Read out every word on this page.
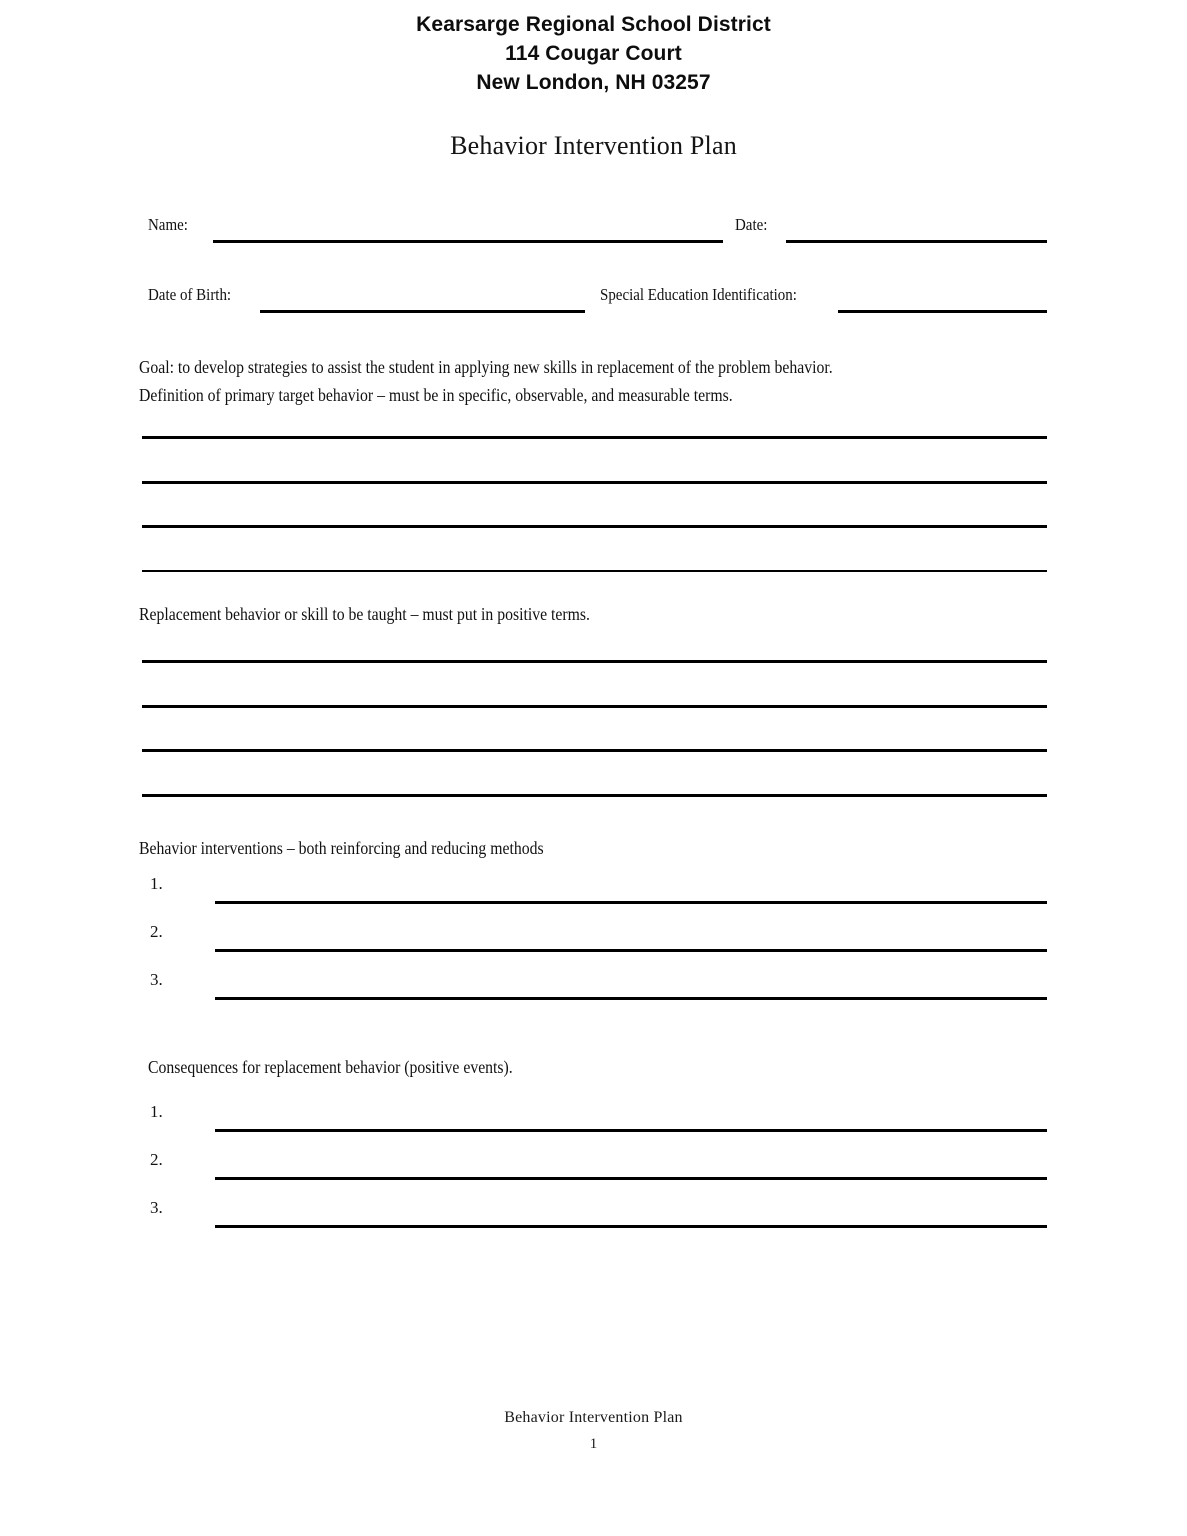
Kearsarge Regional School District
114 Cougar Court
New London, NH 03257
Behavior Intervention Plan
Name:	Date:
Date of Birth:	Special Education Identification:
Goal: to develop strategies to assist the student in applying new skills in replacement of the problem behavior.
Definition of primary target behavior – must be in specific, observable, and measurable terms.
Replacement behavior or skill to be taught – must put in positive terms.
Behavior interventions – both reinforcing and reducing methods
1.
2.
3.
Consequences for replacement behavior (positive events).
1.
2.
3.
Behavior Intervention Plan
1
